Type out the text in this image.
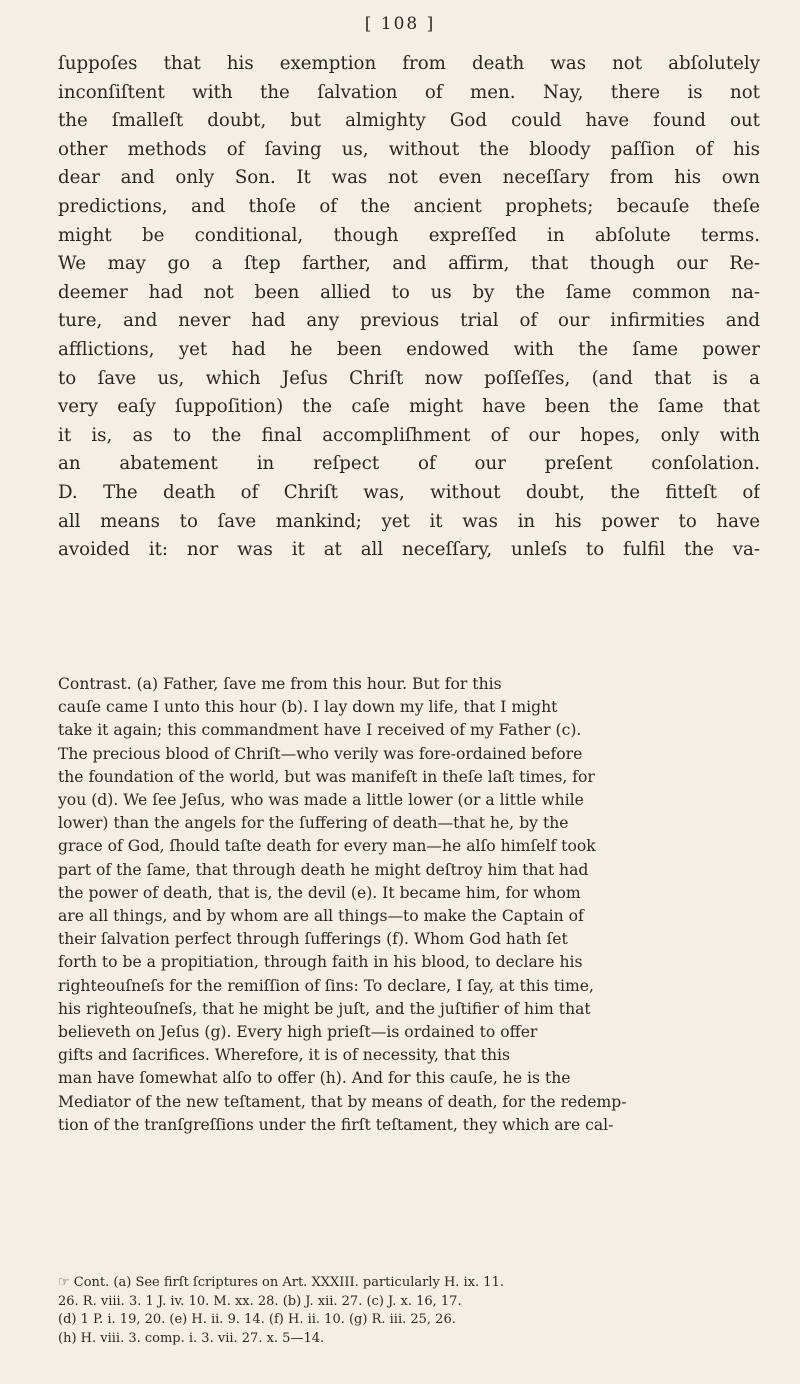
[ 108 ]
ſuppoſes that his exemption from death was not abſolutely
inconſiſtent with the ſalvation of men. Nay, there is not
the ſmalleſt doubt, but almighty God could have found out
other methods of ſaving us, without the bloody paſſion of his
dear and only Son. It was not even neceſſary from his own
predictions, and thoſe of the ancient prophets; becauſe theſe
might be conditional, though expreſſed in abſolute terms.
We may go a ſtep farther, and affirm, that though our Re-
deemer had not been allied to us by the ſame common na-
ture, and never had any previous trial of our infirmities and
afflictions, yet had he been endowed with the ſame power
to ſave us, which Jeſus Chriſt now poſſeſſes, (and that is a
very eaſy ſuppoſition) the caſe might have been the ſame that
it is, as to the final accompliſhment of our hopes, only with
an abatement in reſpect of our preſent conſolation.
D. The death of Chriſt was, without doubt, the fitteſt of
all means to ſave mankind; yet it was in his power to have
avoided it: nor was it at all neceſſary, unleſs to fulfil the va-
Contrast. (a) Father, ſave me from this hour. But for this
cauſe came I unto this hour (b). I lay down my life, that I might
take it again; this commandment have I received of my Father (c).
The precious blood of Chriſt—who verily was fore-ordained before
the foundation of the world, but was manifeſt in theſe laſt times, for
you (d). We ſee Jeſus, who was made a little lower (or a little while
lower) than the angels for the ſuffering of death—that he, by the
grace of God, ſhould taſte death for every man—he alſo himſelf took
part of the ſame, that through death he might deſtroy him that had
the power of death, that is, the devil (e). It became him, for whom
are all things, and by whom are all things—to make the Captain of
their ſalvation perfect through ſufferings (f). Whom God hath ſet
forth to be a propitiation, through faith in his blood, to declare his
righteouſneſs for the remiſſion of ſins: To declare, I ſay, at this time,
his righteouſneſs, that he might be juſt, and the juſtifier of him that
believeth on Jeſus (g). Every high prieſt—is ordained to offer
gifts and ſacrifices. Wherefore, it is of necessity, that this
man have ſomewhat alſo to offer (h). And for this cauſe, he is the
Mediator of the new teſtament, that by means of death, for the redemp-
tion of the tranſgreſſions under the firſt teſtament, they which are cal-
☞ Cont. (a) See firſt ſcriptures on Art. XXXIII. particularly H. ix. 11.
26. R. viii. 3. 1 J. iv. 10. M. xx. 28. (b) J. xii. 27. (c) J. x. 16, 17.
(d) 1 P. i. 19, 20. (e) H. ii. 9. 14. (f) H. ii. 10. (g) R. iii. 25, 26.
(h) H. viii. 3. comp. i. 3. vii. 27. x. 5—14.
